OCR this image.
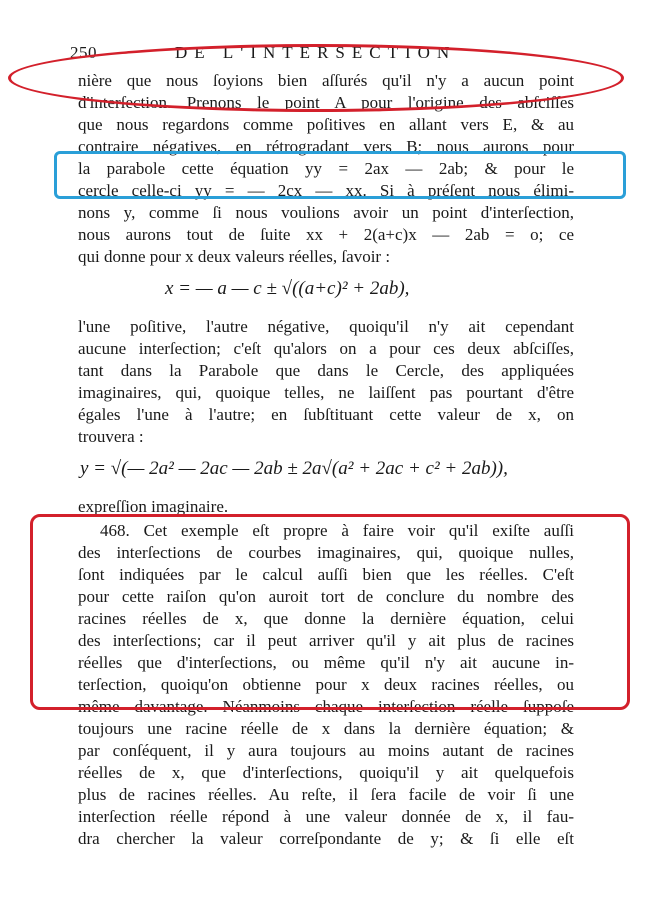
250	DE L'INTERSECTION
nière que nous ſoyions bien aſſurés qu'il n'y a aucun point
d'interſection. Prenons le point A pour l'origine des abſciſſes
que nous regardons comme poſitives en allant vers E, & au
contraire négatives, en rétrogradant vers B; nous aurons pour
la parabole cette équation yy = 2ax — 2ab; & pour le
cercle celle-ci yy = — 2cx — xx. Si à préſent nous élimi-
nons y, comme ſi nous voulions avoir un point d'interſection,
nous aurons tout de ſuite xx + 2(a+c)x — 2ab = o; ce
qui donne pour x deux valeurs réelles, ſavoir :
x = — a — c ± √((a+c)² + 2ab),
l'une poſitive, l'autre négative, quoiqu'il n'y ait cependant
aucune interſection; c'eſt qu'alors on a pour ces deux abſciſſes,
tant dans la Parabole que dans le Cercle, des appliquées
imaginaires, qui, quoique telles, ne laiſſent pas pourtant d'être
égales l'une à l'autre; en ſubſtituant cette valeur de x, on
trouvera :
y = √(— 2a² — 2ac — 2ab ± 2a√(a² + 2ac + c² + 2ab)),
expreſſion imaginaire.
468. Cet exemple eſt propre à faire voir qu'il exiſte auſſi
des interſections de courbes imaginaires, qui, quoique nulles,
ſont indiquées par le calcul auſſi bien que les réelles. C'eſt
pour cette raiſon qu'on auroit tort de conclure du nombre des
racines réelles de x, que donne la dernière équation, celui
des interſections; car il peut arriver qu'il y ait plus de racines
réelles que d'interſections, ou même qu'il n'y ait aucune in-
terſection, quoiqu'on obtienne pour x deux racines réelles, ou
même davantage. Néanmoins chaque interſection réelle ſuppoſe
toujours une racine réelle de x dans la dernière équation; &
par conſéquent, il y aura toujours au moins autant de racines
réelles de x, que d'interſections, quoiqu'il y ait quelquefois
plus de racines réelles. Au reſte, il ſera facile de voir ſi une
interſection réelle répond à une valeur donnée de x, il fau-
dra chercher la valeur correſpondante de y; & ſi elle eſt
